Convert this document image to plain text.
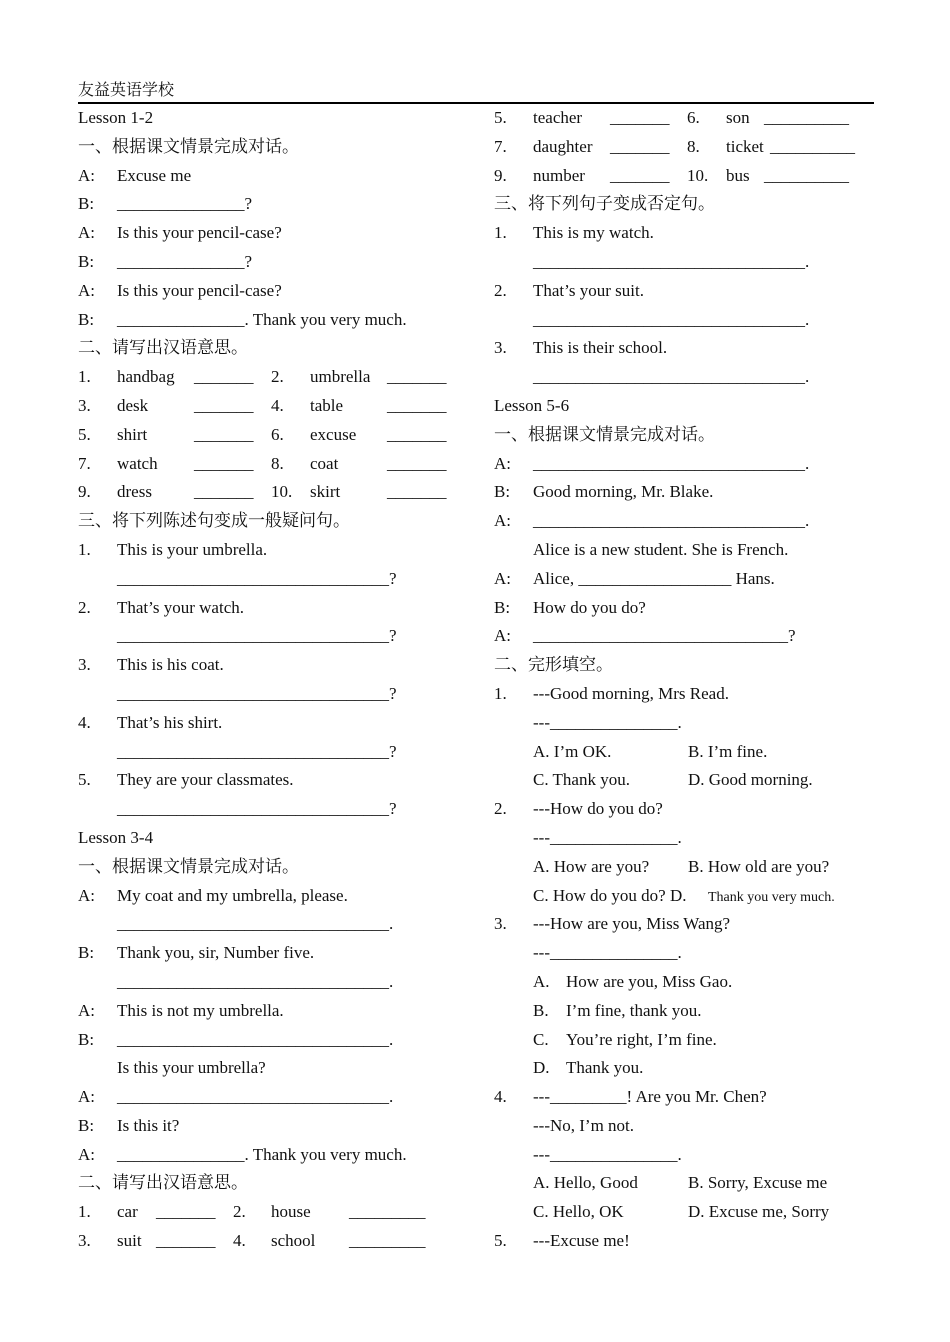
友益英语学校
Lesson 1-2
一、根据课文情景完成对话。
A: Excuse me
B: _______________?
A: Is this your pencil-case?
B: _______________?
A: Is this your pencil-case?
B: _______________. Thank you very much.
二、请写出汉语意思。
1. handbag _______ 2. umbrella _______
3. desk	_______ 4. table	_______
5. shirt	_______ 6. excuse _______
7. watch _______ 8. coat	_______
9. dress _______ 10. skirt	_______
三、将下列陈述句变成一般疑问句。
1. This is your umbrella.
________________________________?
2. That’s your watch.
________________________________?
3. This is his coat.
________________________________?
4. That’s his shirt.
________________________________?
5. They are your classmates.
________________________________?
Lesson 3-4
一、根据课文情景完成对话。
A: My coat and my umbrella, please.
________________________________.
B: Thank you, sir, Number five.
________________________________.
A: This is not my umbrella.
B: ________________________________.
Is this your umbrella?
A: ________________________________.
B: Is this it?
A: _______________. Thank you very much.
二、请写出汉语意思。
1. car _______ 2. house _________
3. suit _______ 4. school _________
5. teacher _______ 6. son __________
7. daughter _______ 8. ticket __________
9. number _______ 10. bus __________
三、将下列句子变成否定句。
1. This is my watch.
________________________________.
2. That’s your suit.
________________________________.
3. This is their school.
________________________________.
Lesson 5-6
一、根据课文情景完成对话。
A: ________________________________.
B: Good morning, Mr. Blake.
A: ________________________________.
Alice is a new student. She is French.
A: Alice, __________________ Hans.
B: How do you do?
A: ______________________________?
二、完形填空。
1. ---Good morning, Mrs Read.
---_______________.
A. I’m OK.	B. I’m fine.
C. Thank you.	D. Good morning.
2. ---How do you do?
---_______________.
A. How are you? B. How old are you?
C. How do you do? D. Thank you very much.
3. ---How are you, Miss Wang?
---_______________.
A. How are you, Miss Gao.
B. I’m fine, thank you.
C. You’re right, I’m fine.
D. Thank you.
4. ---_________! Are you Mr. Chen?
---No, I’m not.
---_______________.
A. Hello, Good	B. Sorry, Excuse me
C. Hello, OK	D. Excuse me, Sorry
5. ---Excuse me!
